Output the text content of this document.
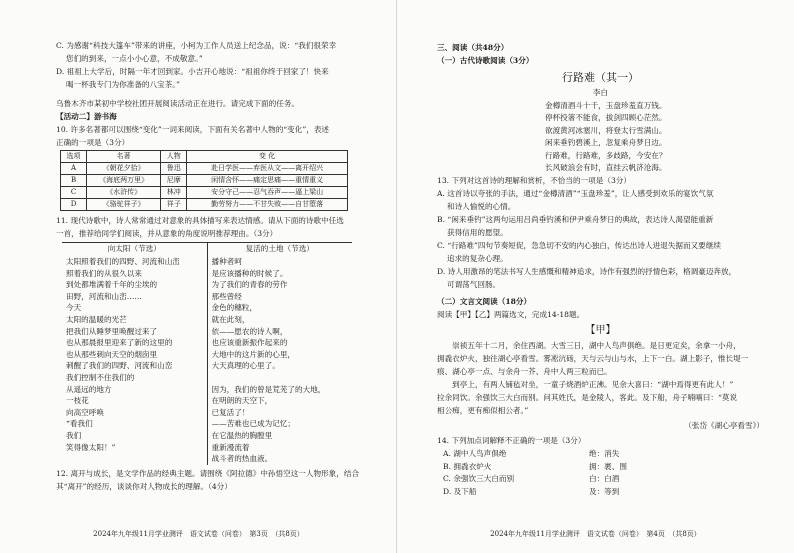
C. 为感谢“科技大篷车”带来的讲座，小柯为工作人员送上纪念品，说：“我们很荣幸

您们的到来，一点小小心意，不成敬意。”

D. 祖祖上大学后，时隔一年才回到家。小吉开心地说：“祖祖你终于回家了！快来

喝一杯我专门为你准备的八宝茶。”

乌鲁木齐市某初中学校社团开展阅读活动正在进行。请完成下面的任务。

【活动二】游书海

10. 许多名著都可以围绕“变化”一词来阅读，下面有关名著中人物的“变化”，表述

正确的一项是（3分）

选项	名著	人物	变 化
A	《朝花夕拾》	鲁迅	赴日学医——弃医从文——离开绍兴
B	《海底两万里》	尼摩	闲情含怀——痛定思痛——重情重义
C	《水浒传》	林冲	安分守己——忍气吞声——逼上梁山
D	《骆驼祥子》	祥子	勤劳努力——不甘失败——自甘堕落

11. 现代诗歌中，诗人常常通过对意象的具体描写来表达情感。请从下面的诗歌中任选

一首，推荐给同学们阅读，并从意象的角度说明推荐理由。（3分）

向太阳（节选）
太阳照着我们的四野、河流和山峦
照着我们的从很久以来
到处都堆满着千年的尘埃的
田野，河流和山峦……
今天
太阳的温暖的光芒
把我们从睡梦里唤醒过来了
也从那晨报里迎来了新的这里的
也从那些刺向天空的烟囱里
刺醒了我们的四野、河流和山峦
我们控制不住我们的
从遥远的地方
一枝花
向高空呼唤
“看我们
我们
笑得像太阳！”
复活的土地（节选）
播种者呵
是应该播种的时候了。
为了我们的青春的劳作
那些曾经
金色的穗粒，
就在此刻，
依——愿农的诗人啊，
也应该重新振作起来的
大地中的这片新的心里，
大天真理的心里了。
因为，我们的曾是荒芜了的大地，
在明朗的天空下，
已复活了！
——苦难也已成为记忆；
在它温热的胸膛里
重新漫流着
战斗者的热血液。

12. 离开与成长，是文学作品的经典主题。请围绕《阿拉德》中孙悟空这一人物形象，结合

其“离开”的经历，谈谈你对人物成长的理解。（4分）

2024年九年级11月学业测评　语文试卷（问卷）　第3页　（共8页）

三、阅读（共48分）

（一）古代诗歌阅读（3分）

行路难（其一）
李白
金樽清酒斗十千，玉盘珍羞直万钱。
停杯投箸不能食，拔剑四顾心茫然。
欲渡黄河冰塞川，将登太行雪满山。
闲来垂钓碧溪上，忽复乘舟梦日边。
行路难，行路难，多歧路，今安在？
长风破浪会有时，直挂云帆济沧海。

13. 下列对这首诗的理解和赏析，不恰当的一项是（3分）

A. 这首诗以夸张的手法，通过“金樽清酒”“玉盘珍羞”，让人感受到欢乐的宴饮气氛

和诗人愉悦的心情。

B. “闲来垂钓”这两句运用吕尚垂钓溪和伊尹乘舟梦日的典故，表达诗人渴望能重新

获得信用的愿望。

C. “行路难”四句节奏短促，急急切不安的内心独白，传达出诗人进退失据而又要继续

追求的复杂心理。

D. 诗人用激昂的笔法书写人生感慨和精神追求，诗作有强烈的抒情色彩，格调豪迈奔放，

可谓荡气回肠。

（二）文言文阅读（18分）

阅读【甲】【乙】两篇选文，完成14-18题。

【甲】

　　崇祯五年十二月，余住西湖。大雪三日，湖中人鸟声俱绝。是日更定矣，余拿一小舟，

拥毳衣炉火，独往湖心亭看雪。雾凇沆砀，天与云与山与水，上下一白。湖上影子，惟长堤一

痕、湖心亭一点、与余舟一芥、舟中人两三粒而已。

　　到亭上，有两人铺毡对坐，一童子烧酒炉正沸。见余大喜曰：“湖中焉得更有此人！”

拉余同饮。余强饮三大白而别。问其姓氏，是金陵人，客此。及下船，舟子喃喃曰：“莫说

相公痴，更有痴似相公者。”

（张岱《湖心亭看雪》）

14. 下列加点词解释不正确的一项是（3分）

A. 湖中人鸟声俱绝	绝：消失
B. 拥毳衣炉火	拥：裹、围
C. 余强饮三大白而别	白：白酒
D. 及下船	及：等到
2024年九年级11月学业测评　语文试卷（问卷）　第4页　（共8页）
